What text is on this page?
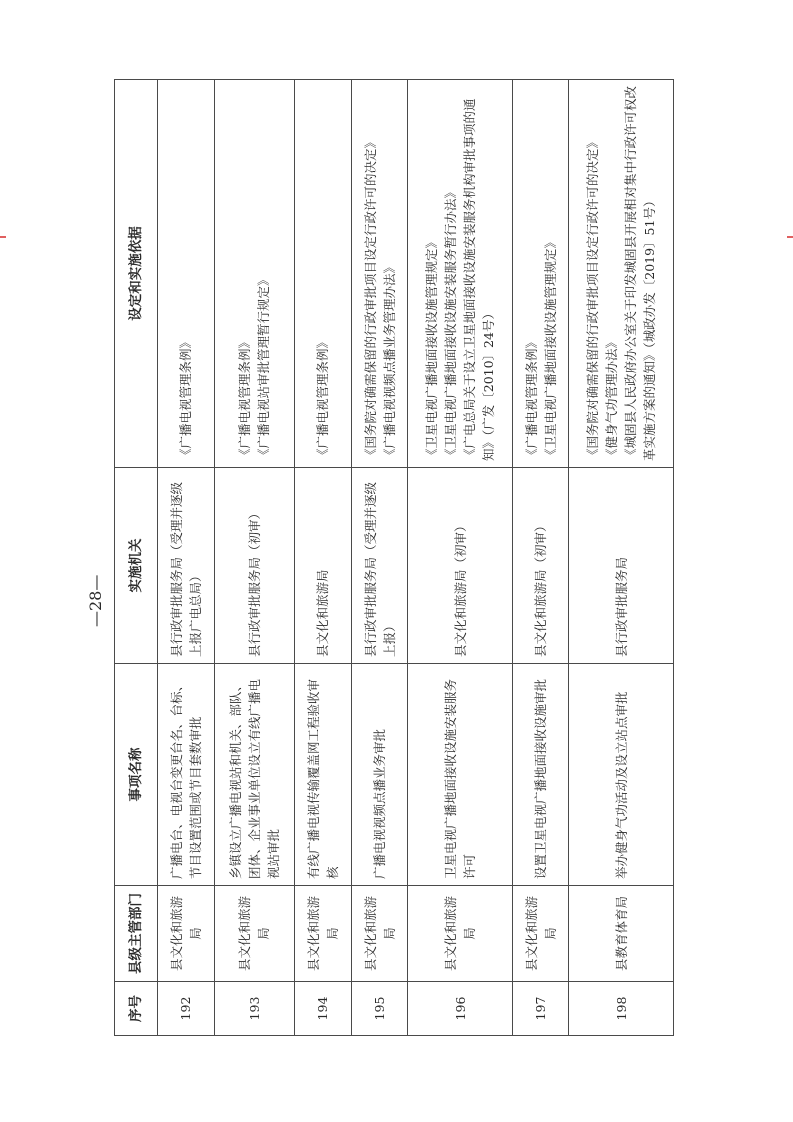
序号	县级主管部门	事项名称	实施机关	设定和实施依据
192	县文化和旅游局	广播电台、电视台变更台名、台标、节目设置范围或节目套数审批	县行政审批服务局（受理并逐级上报广电总局）	《广播电视管理条例》

193	县文化和旅游局	乡镇设立广播电视站和机关、部队、团体、企业事业单位设立有线广播电视站审批	县行政审批服务局（初审）	《广播电视管理条例》 《广播电视站审批管理暂行规定》

194	县文化和旅游局	有线广播电视传输覆盖网工程验收审核	县文化和旅游局	《广播电视管理条例》

195	县文化和旅游局	广播电视视频点播业务审批	县行政审批服务局（受理并逐级上报）	《国务院对确需保留的行政审批项目设定行政许可的决定》 《广播电视视频点播业务管理办法》

196	县文化和旅游局	卫星电视广播地面接收设施安装服务许可	县文化和旅游局（初审）	《卫星电视广播地面接收设施管理规定》 《卫星电视广播地面接收设施安装服务暂行办法》 《广电总局关于设立卫星地面接收设施安装服务机构审批事项的通知》（广发〔2010〕24号）

197	县文化和旅游局	设置卫星电视广播地面接收设施审批	县文化和旅游局（初审）	《广播电视管理条例》 《卫星电视广播地面接收设施管理规定》

198	县教育体育局	举办健身气功活动及设立站点审批	县行政审批服务局	《国务院对确需保留的行政审批项目设定行政许可的决定》 《健身气功管理办法》 《城固县人民政府办公室关于印发城固县开展相对集中行政许可权改革实施方案的通知》（城政办发〔2019〕51号）
—28—
